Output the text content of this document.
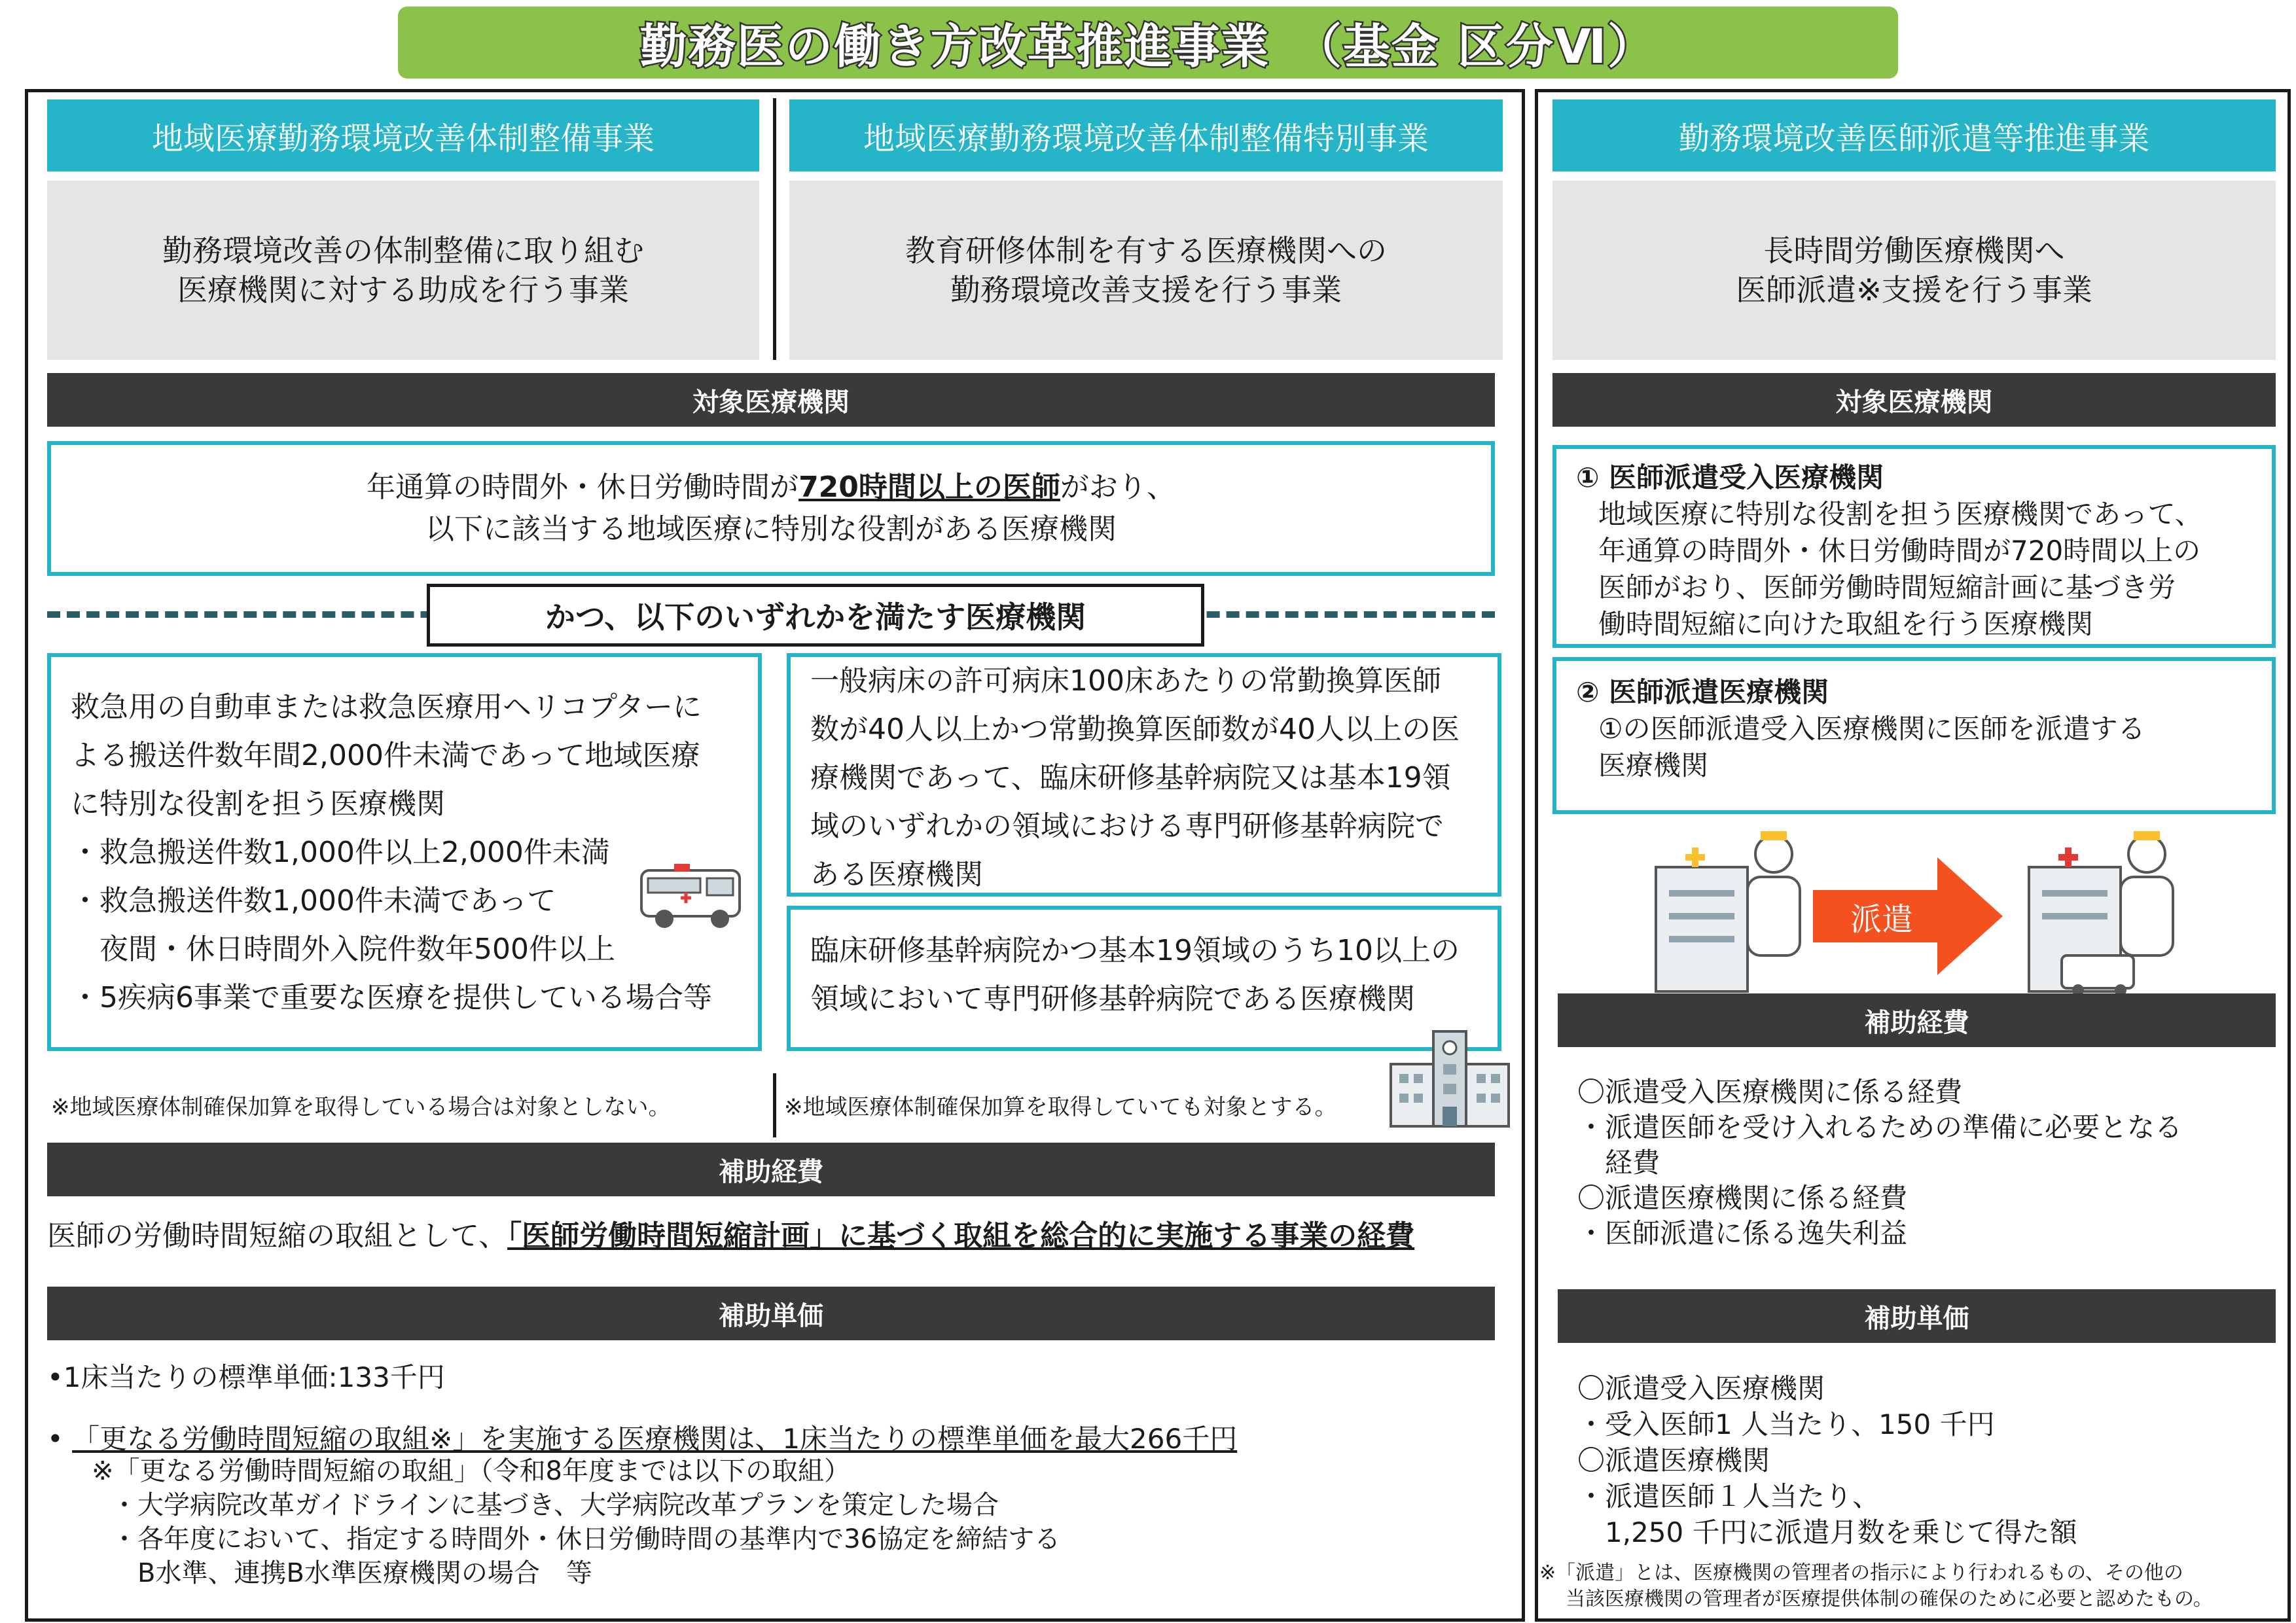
勤務医の働き方改革推進事業　（基金 区分Ⅵ）
地域医療勤務環境改善体制整備事業	地域医療勤務環境改善体制整備特別事業	勤務環境改善医師派遣等推進事業
勤務環境改善の体制整備に取り組む
医療機関に対する助成を行う事業
教育研修体制を有する医療機関への
勤務環境改善支援を行う事業
長時間労働医療機関へ
医師派遣※支援を行う事業
対象医療機関	対象医療機関
年通算の時間外・休日労働時間が720時間以上の医師がおり、
以下に該当する地域医療に特別な役割がある医療機関
かつ、以下のいずれかを満たす医療機関
救急用の自動車または救急医療用ヘリコプターに
よる搬送件数年間2,000件未満であって地域医療
に特別な役割を担う医療機関
・救急搬送件数1,000件以上2,000件未満
・救急搬送件数1,000件未満であって
　夜間・休日時間外入院件数年500件以上
・5疾病6事業で重要な医療を提供している場合等
一般病床の許可病床100床あたりの常勤換算医師
数が40人以上かつ常勤換算医師数が40人以上の医
療機関であって、臨床研修基幹病院又は基本19領
域のいずれかの領域における専門研修基幹病院で
ある医療機関
臨床研修基幹病院かつ基本19領域のうち10以上の
領域において専門研修基幹病院である医療機関
※地域医療体制確保加算を取得している場合は対象としない。	※地域医療体制確保加算を取得していても対象とする。
補助経費
医師の労働時間短縮の取組として、「医師労働時間短縮計画」に基づく取組を総合的に実施する事業の経費
補助単価
•1床当たりの標準単価:133千円
• 「更なる労働時間短縮の取組※」を実施する医療機関は、1床当たりの標準単価を最大266千円
※「更なる労働時間短縮の取組」（令和8年度までは以下の取組）
・大学病院改革ガイドラインに基づき、大学病院改革プランを策定した場合
・各年度において、指定する時間外・休日労働時間の基準内で36協定を締結する
　B水準、連携B水準医療機関の場合　等
① 医師派遣受入医療機関
地域医療に特別な役割を担う医療機関であって、
年通算の時間外・休日労働時間が720時間以上の
医師がおり、医師労働時間短縮計画に基づき労
働時間短縮に向けた取組を行う医療機関
② 医師派遣医療機関
①の医師派遣受入医療機関に医師を派遣する
医療機関
派遣
補助経費
〇派遣受入医療機関に係る経費
・派遣医師を受け入れるための準備に必要となる
　経費
〇派遣医療機関に係る経費
・医師派遣に係る逸失利益
補助単価
〇派遣受入医療機関
・受入医師1 人当たり、150 千円
〇派遣医療機関
・派遣医師１人当たり、
　1,250 千円に派遣月数を乗じて得た額
※「派遣」とは、医療機関の管理者の指示により行われるもの、その他の
当該医療機関の管理者が医療提供体制の確保のために必要と認めたもの。
